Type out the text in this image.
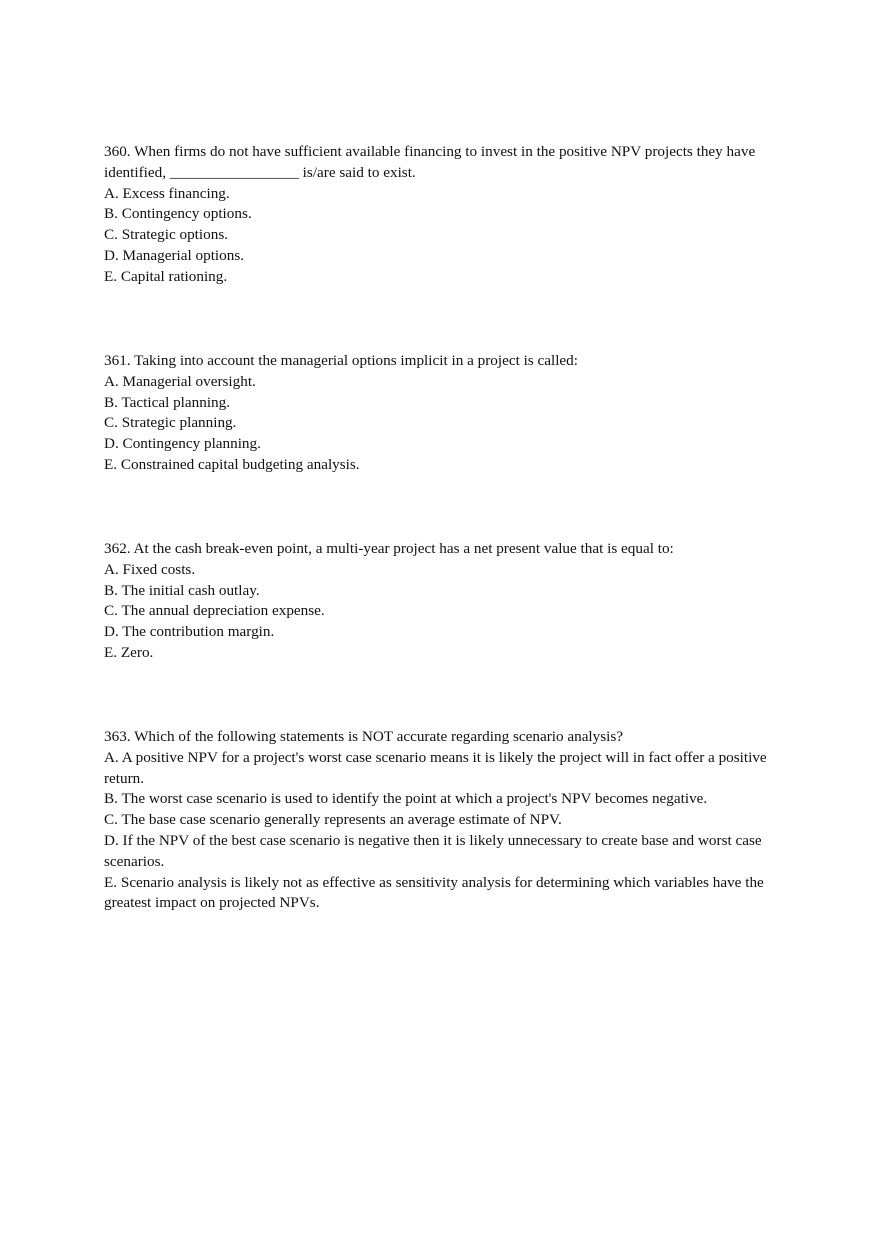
360. When firms do not have sufficient available financing to invest in the positive NPV projects they have identified, _________________ is/are said to exist.

A. Excess financing.

B. Contingency options.

C. Strategic options.

D. Managerial options.

E. Capital rationing.

361. Taking into account the managerial options implicit in a project is called:

A. Managerial oversight.

B. Tactical planning.

C. Strategic planning.

D. Contingency planning.

E. Constrained capital budgeting analysis.

362. At the cash break-even point, a multi-year project has a net present value that is equal to:

A. Fixed costs.

B. The initial cash outlay.

C. The annual depreciation expense.

D. The contribution margin.

E. Zero.

363. Which of the following statements is NOT accurate regarding scenario analysis?

A. A positive NPV for a project's worst case scenario means it is likely the project will in fact offer a positive return.

B. The worst case scenario is used to identify the point at which a project's NPV becomes negative.

C. The base case scenario generally represents an average estimate of NPV.

D. If the NPV of the best case scenario is negative then it is likely unnecessary to create base and worst case scenarios.

E. Scenario analysis is likely not as effective as sensitivity analysis for determining which variables have the greatest impact on projected NPVs.
